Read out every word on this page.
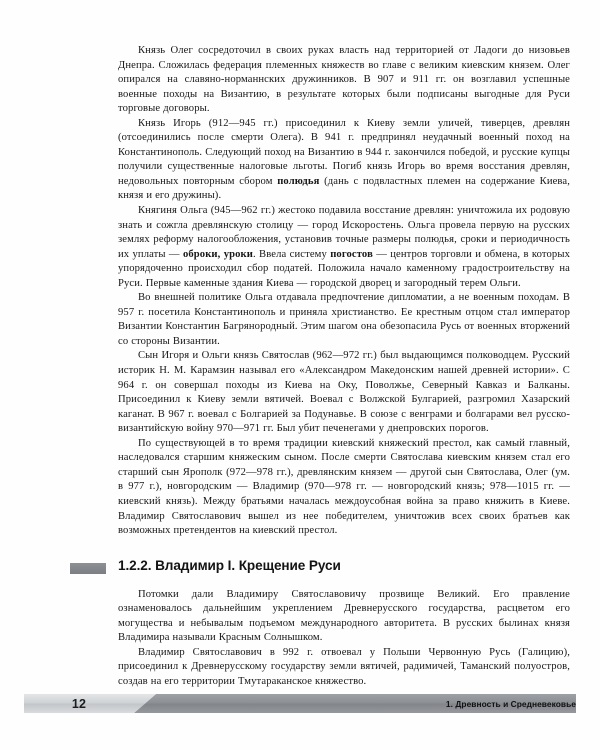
Князь Олег сосредоточил в своих руках власть над территорией от Ладоги до низовьев Днепра. Сложилась федерация племенных княжеств во главе с великим киевским князем. Олег опирался на славяно-норманнских дружинников. В 907 и 911 гг. он возглавил успешные военные походы на Византию, в результате которых были подписаны выгодные для Руси торговые договоры.

Князь Игорь (912—945 гг.) присоединил к Киеву земли уличей, тиверцев, древлян (отсоединились после смерти Олега). В 941 г. предпринял неудачный военный поход на Константинополь. Следующий поход на Византию в 944 г. закончился победой, и русские купцы получили существенные налоговые льготы. Погиб князь Игорь во время восстания древлян, недовольных повторным сбором полюдья (дань с подвластных племен на содержание Киева, князя и его дружины).

Княгиня Ольга (945—962 гг.) жестоко подавила восстание древлян: уничтожила их родовую знать и сожгла древлянскую столицу — город Искоростень. Ольга провела первую на русских землях реформу налогообложения, установив точные размеры полюдья, сроки и периодичность их уплаты — оброки, уроки. Ввела систему погостов — центров торговли и обмена, в которых упорядоченно происходил сбор податей. Положила начало каменному градостроительству на Руси. Первые каменные здания Киева — городской дворец и загородный терем Ольги.

Во внешней политике Ольга отдавала предпочтение дипломатии, а не военным походам. В 957 г. посетила Константинополь и приняла христианство. Ее крестным отцом стал император Византии Константин Багрянородный. Этим шагом она обезопасила Русь от военных вторжений со стороны Византии.

Сын Игоря и Ольги князь Святослав (962—972 гг.) был выдающимся полководцем. Русский историк Н. М. Карамзин называл его «Александром Македонским нашей древней истории». С 964 г. он совершал походы из Киева на Оку, Поволжье, Северный Кавказ и Балканы. Присоединил к Киеву земли вятичей. Воевал с Волжской Булгарией, разгромил Хазарский каганат. В 967 г. воевал с Болгарией за Подунавье. В союзе с венграми и болгарами вел русско-византийскую войну 970—971 гг. Был убит печенегами у днепровских порогов.

По существующей в то время традиции киевский княжеский престол, как самый главный, наследовался старшим княжеским сыном. После смерти Святослава киевским князем стал его старший сын Ярополк (972—978 гг.), древлянским князем — другой сын Святослава, Олег (ум. в 977 г.), новгородским — Владимир (970—978 гг. — новгородский князь; 978—1015 гг. — киевский князь). Между братьями началась междоусобная война за право княжить в Киеве. Владимир Святославович вышел из нее победителем, уничтожив всех своих братьев как возможных претендентов на киевский престол.

1.2.2. Владимир I. Крещение Руси

Потомки дали Владимиру Святославовичу прозвище Великий. Его правление ознаменовалось дальнейшим укреплением Древнерусского государства, расцветом его могущества и небывалым подъемом международного авторитета. В русских былинах князя Владимира называли Красным Солнышком.

Владимир Святославович в 992 г. отвоевал у Польши Червонную Русь (Галицию), присоединил к Древнерусскому государству земли вятичей, радимичей, Таманский полуостров, создав на его территории Тмутараканское княжество.

12	1. Древность и Средневековье
